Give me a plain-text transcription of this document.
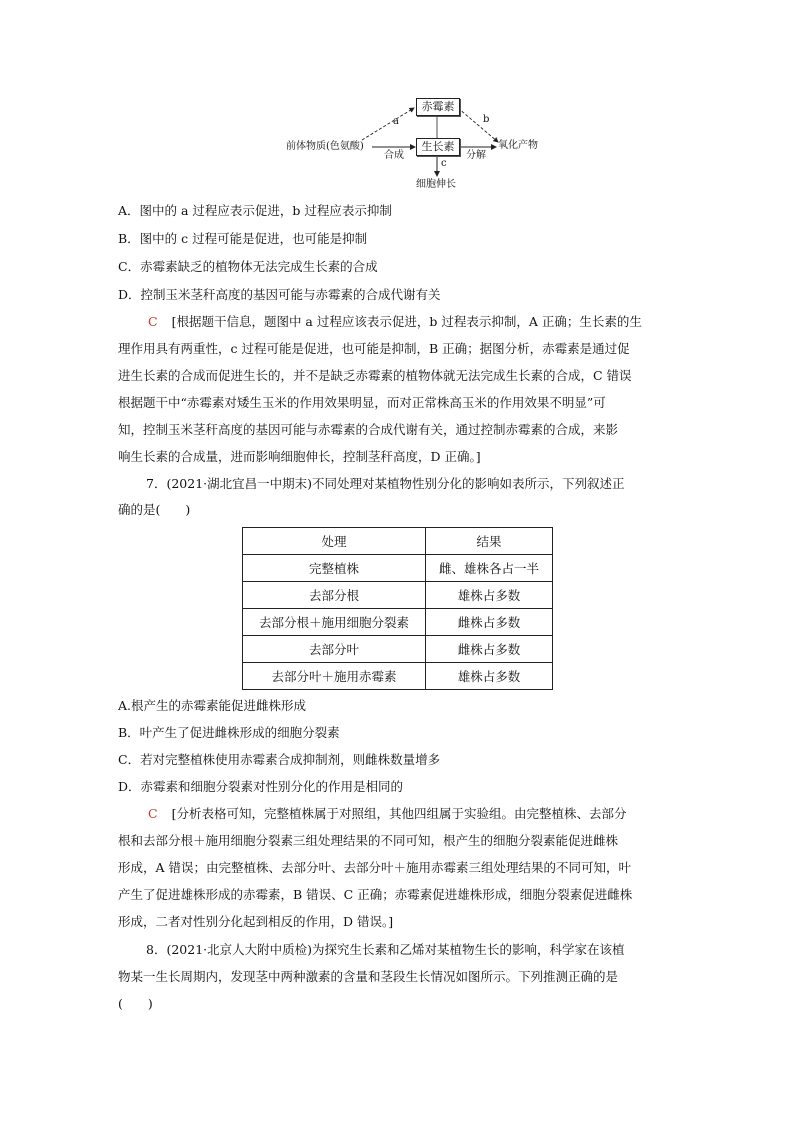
赤霉素
生长素
前体物质(色氨酸)	氧化产物
合成	分解
细胞伸长
a	b
c
A．图中的 a 过程应表示促进，b 过程应表示抑制
B．图中的 c 过程可能是促进，也可能是抑制
C．赤霉素缺乏的植物体无法完成生长素的合成
D．控制玉米茎秆高度的基因可能与赤霉素的合成代谢有关
C [根据题干信息，题图中 a 过程应该表示促进，b 过程表示抑制，A 正确；生长素的生
理作用具有两重性，c 过程可能是促进，也可能是抑制，B 正确；据图分析，赤霉素是通过促
进生长素的合成而促进生长的，并不是缺乏赤霉素的植物体就无法完成生长素的合成，C 错误
根据题干中“赤霉素对矮生玉米的作用效果明显，而对正常株高玉米的作用效果不明显”可
知，控制玉米茎秆高度的基因可能与赤霉素的合成代谢有关，通过控制赤霉素的合成，来影
响生长素的合成量，进而影响细胞伸长，控制茎秆高度，D 正确。]
7．(2021·湖北宜昌一中期末)不同处理对某植物性别分化的影响如表所示，下列叙述正
确的是(　　)
处理	结果
完整植株	雌、雄株各占一半
去部分根	雄株占多数
去部分根＋施用细胞分裂素	雌株占多数
去部分叶	雌株占多数
去部分叶＋施用赤霉素	雄株占多数
A.根产生的赤霉素能促进雌株形成
B．叶产生了促进雌株形成的细胞分裂素
C．若对完整植株使用赤霉素合成抑制剂，则雌株数量增多
D．赤霉素和细胞分裂素对性别分化的作用是相同的
C [分析表格可知，完整植株属于对照组，其他四组属于实验组。由完整植株、去部分
根和去部分根＋施用细胞分裂素三组处理结果的不同可知，根产生的细胞分裂素能促进雌株
形成，A 错误；由完整植株、去部分叶、去部分叶＋施用赤霉素三组处理结果的不同可知，叶
产生了促进雄株形成的赤霉素，B 错误、C 正确；赤霉素促进雄株形成，细胞分裂素促进雌株
形成，二者对性别分化起到相反的作用，D 错误。]
8．(2021·北京人大附中质检)为探究生长素和乙烯对某植物生长的影响，科学家在该植
物某一生长周期内，发现茎中两种激素的含量和茎段生长情况如图所示。下列推测正确的是
(　　)
